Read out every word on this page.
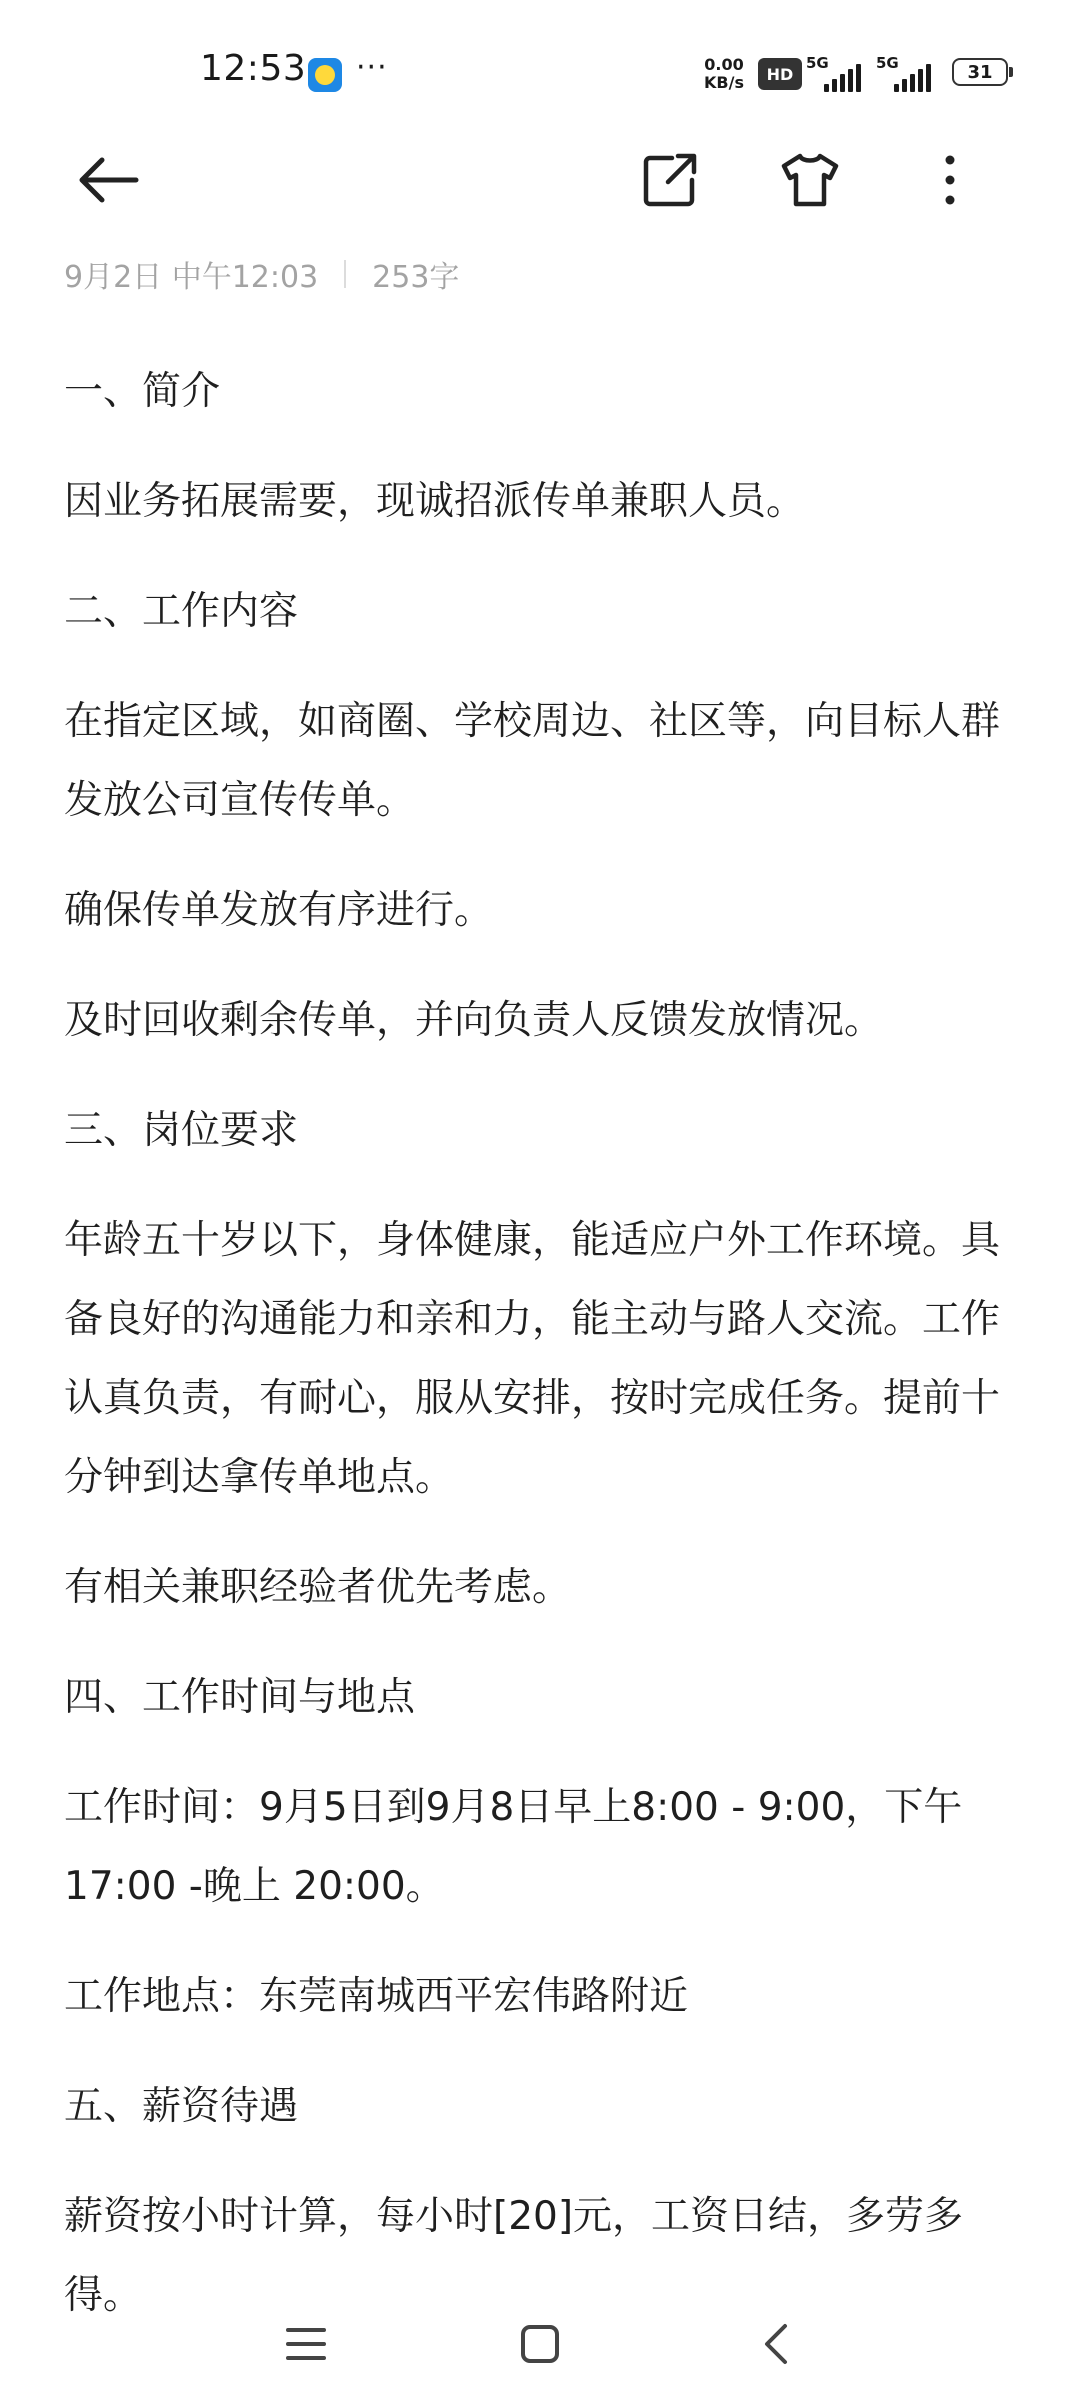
12:53 ···	0.00
KB/s	HD
5G	5G	31
9月2日 中午12:03 253字

一、简介

因业务拓展需要，现诚招派传单兼职人员。

二、工作内容

在指定区域，如商圈、学校周边、社区等，向目标人群发放公司宣传传单。

确保传单发放有序进行。

及时回收剩余传单，并向负责人反馈发放情况。

三、岗位要求

年龄五十岁以下，身体健康，能适应户外工作环境。具备良好的沟通能力和亲和力，能主动与路人交流。工作认真负责，有耐心，服从安排，按时完成任务。提前十分钟到达拿传单地点。

有相关兼职经验者优先考虑。

四、工作时间与地点

工作时间：9月5日到9月8日早上8:00 - 9:00，下午17:00 -晚上 20:00。

工作地点：东莞南城西平宏伟路附近

五、薪资待遇

薪资按小时计算，每小时[20]元，工资日结，多劳多得。
